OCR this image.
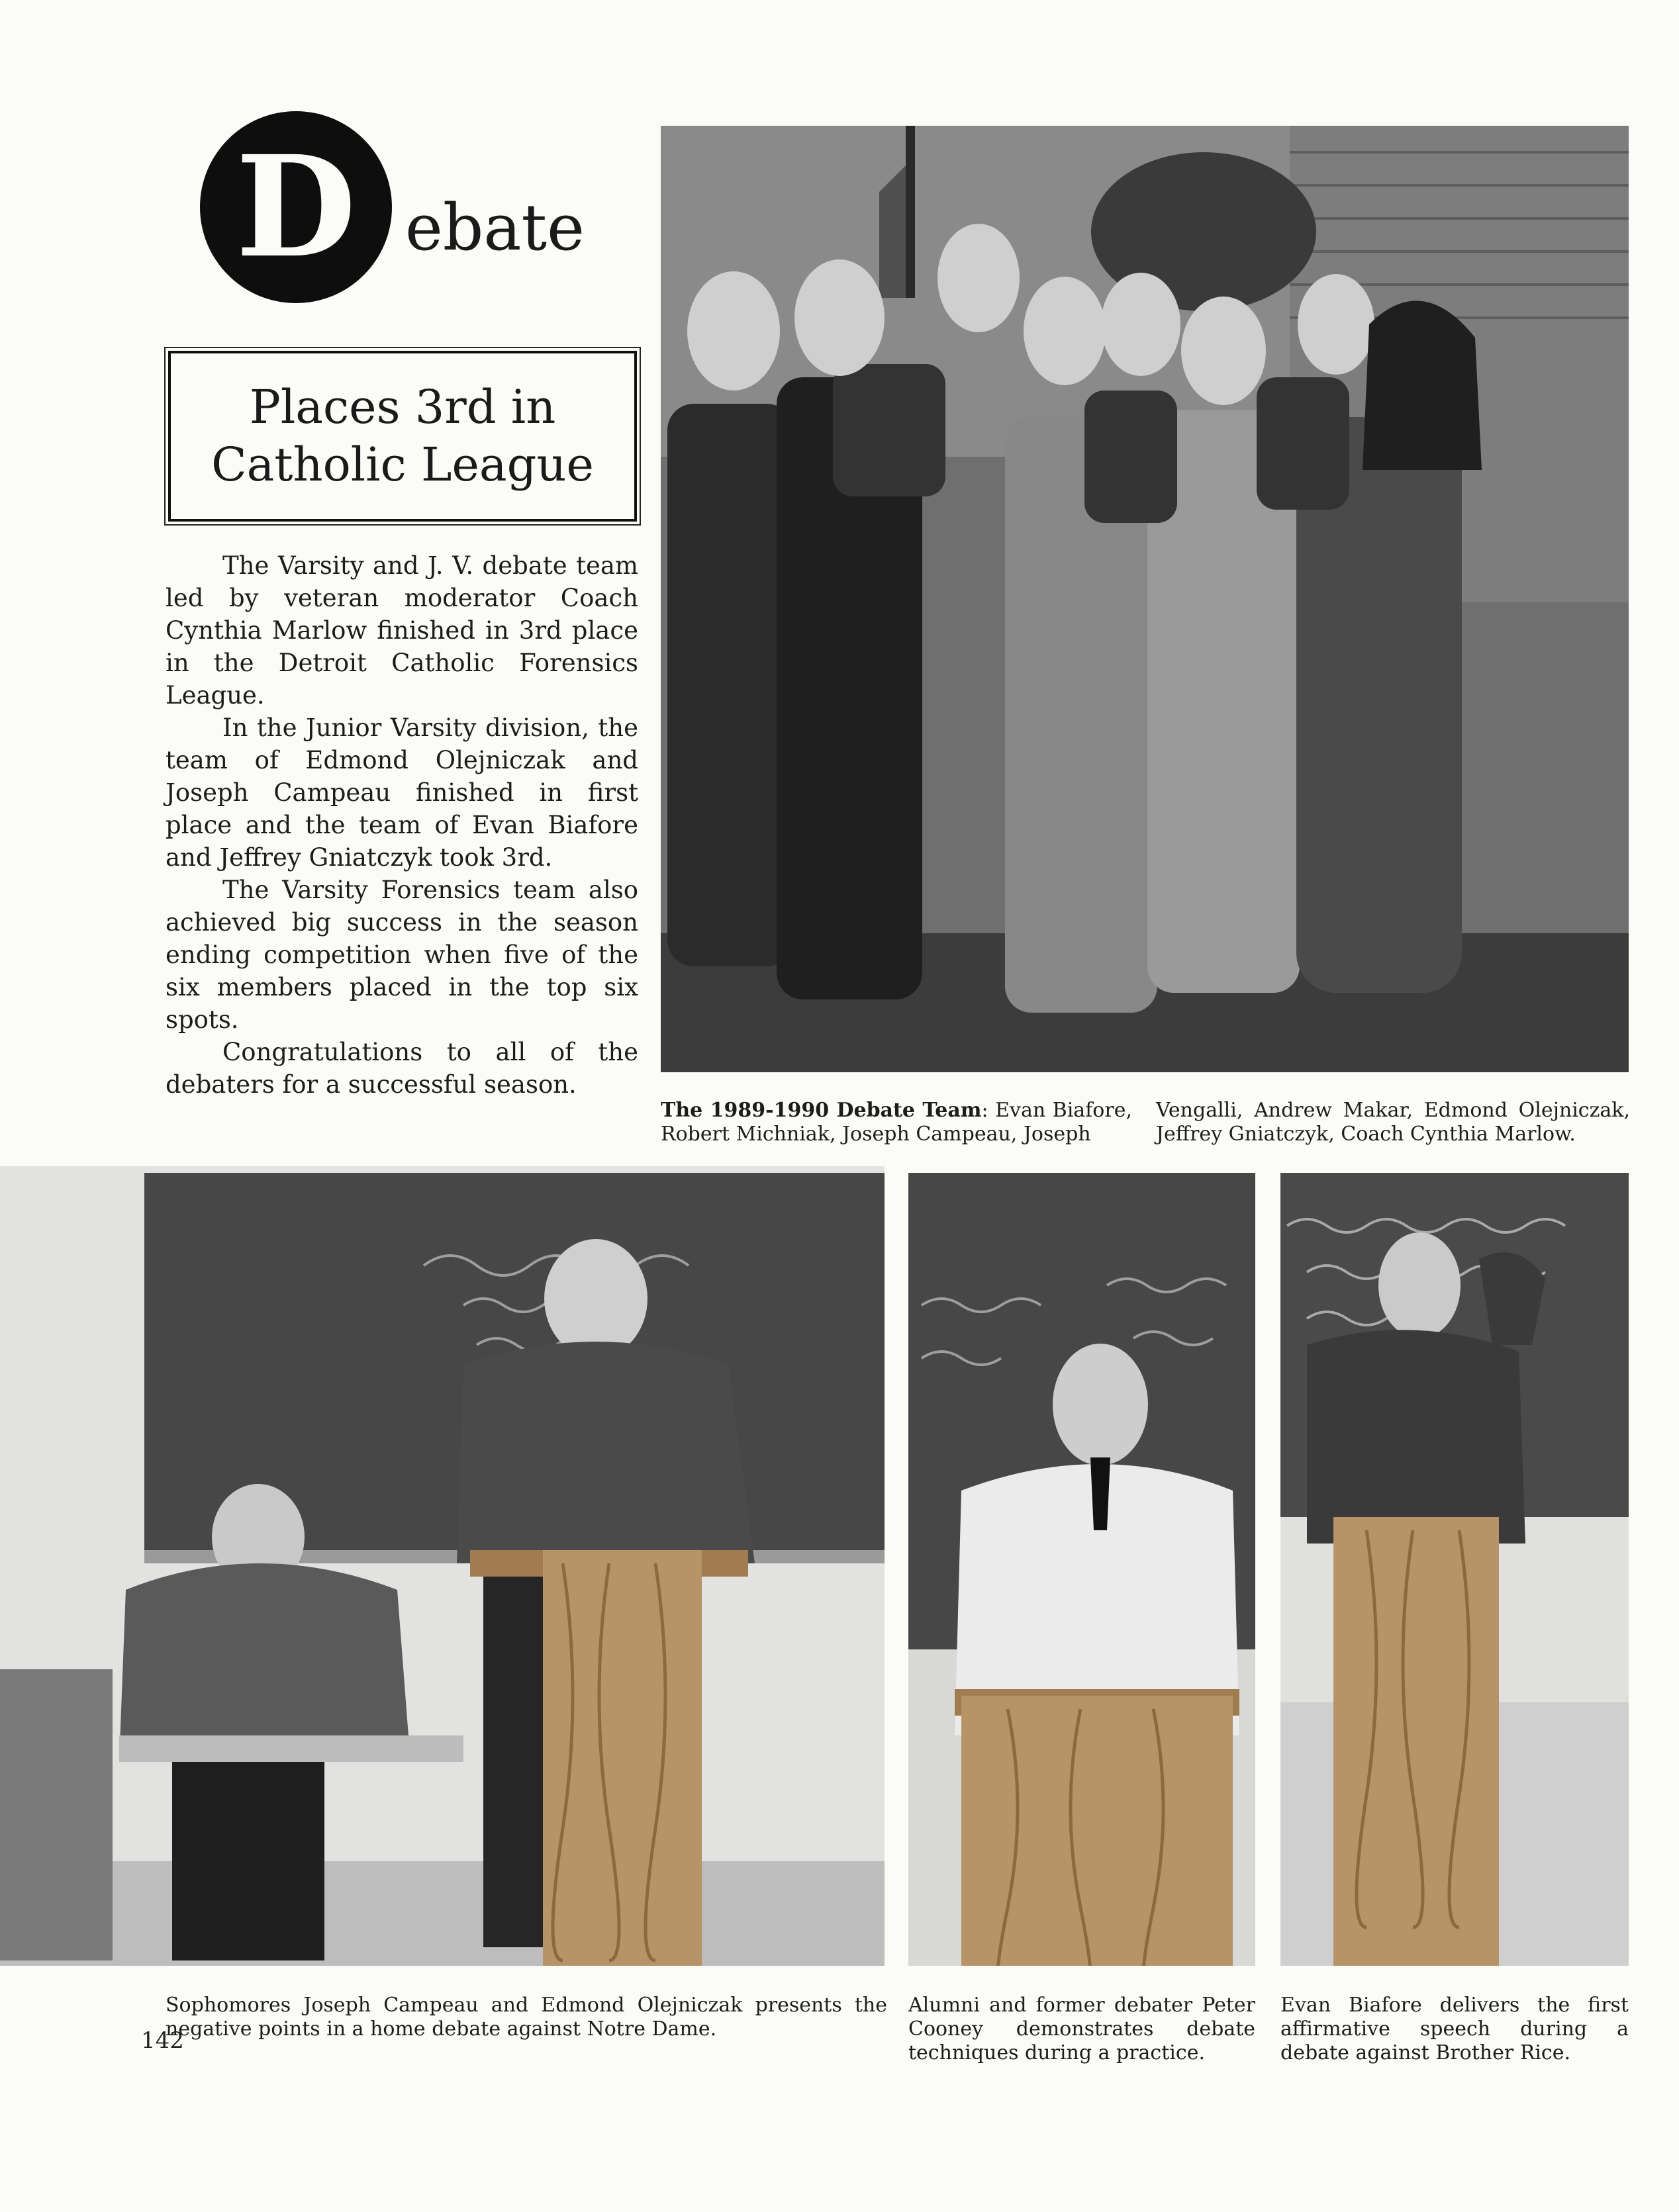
D ebate
Places 3rd in
Catholic League

The Varsity and J. V. debate team led by veteran moderator Coach Cynthia Marlow finished in 3rd place in the Detroit Catholic Forensics League.

In the Junior Varsity division, the team of Edmond Olejniczak and Joseph Campeau finished in first place and the team of Evan Biafore and Jeffrey Gniatczyk took 3rd.

The Varsity Forensics team also achieved big success in the season ending competition when five of the six members placed in the top six spots.

Congratulations to all of the debaters for a successful season.

The 1989-1990 Debate Team: Evan Biafore, Robert Michniak, Joseph Campeau, Joseph
Vengalli, Andrew Makar, Edmond Olejniczak, Jeffrey Gniatczyk, Coach Cynthia Marlow.
Sophomores Joseph Campeau and Edmond Olejniczak presents the negative points in a home debate against Notre Dame.
Alumni and former debater Peter Cooney demonstrates debate techniques during a practice.
Evan Biafore delivers the first affirmative speech during a debate against Brother Rice.
142
